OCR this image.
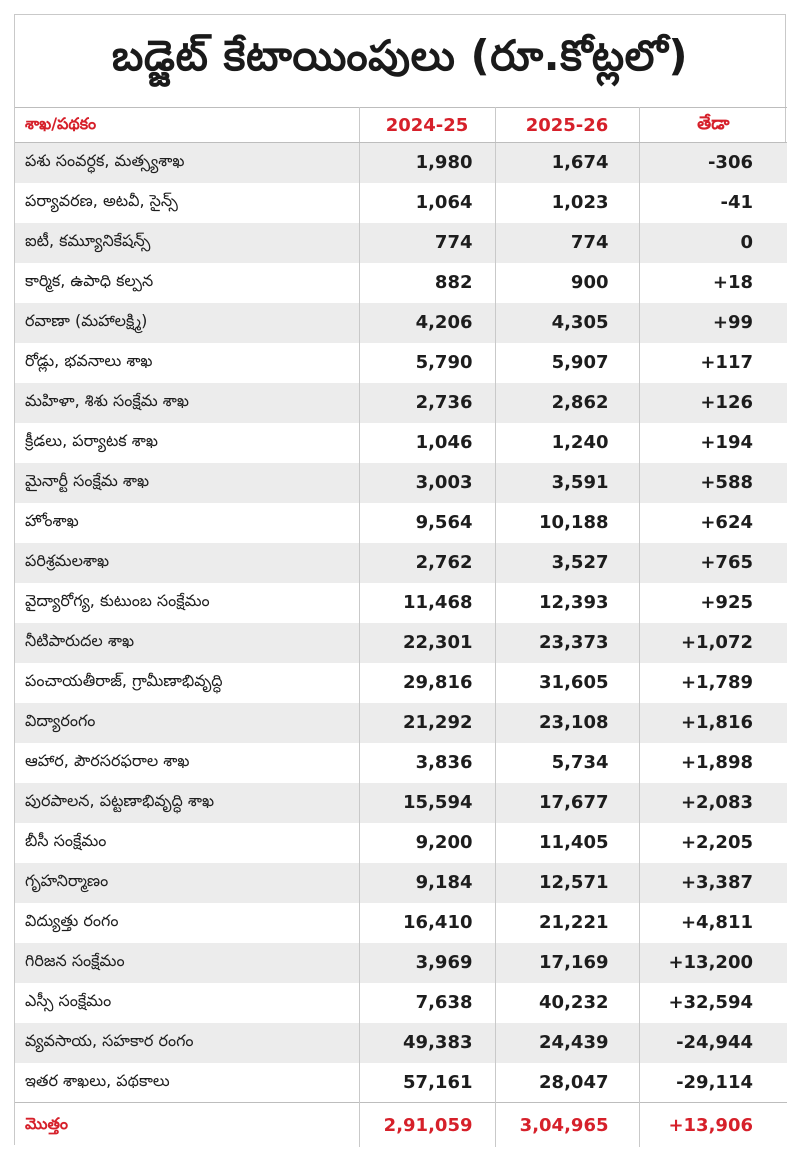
బడ్జెట్ కేటాయింపులు (రూ.కోట్లలో)
శాఖ/పథకం	2024-25	2025-26	తేడా
పశు సంవర్ధక, మత్స్యశాఖ	1,980	1,674	-306
పర్యావరణ, అటవీ, సైన్స్	1,064	1,023	-41
ఐటీ, కమ్యూనికేషన్స్	774	774	0
కార్మిక, ఉపాధి కల్పన	882	900	+18
రవాణా (మహాలక్ష్మి)	4,206	4,305	+99
రోడ్లు, భవనాలు శాఖ	5,790	5,907	+117
మహిళా, శిశు సంక్షేమ శాఖ	2,736	2,862	+126
క్రీడలు, పర్యాటక శాఖ	1,046	1,240	+194
మైనార్టీ సంక్షేమ శాఖ	3,003	3,591	+588
హోంశాఖ	9,564	10,188	+624
పరిశ్రమలశాఖ	2,762	3,527	+765
వైద్యారోగ్య, కుటుంబ సంక్షేమం	11,468	12,393	+925
నీటిపారుదల శాఖ	22,301	23,373	+1,072
పంచాయతీరాజ్, గ్రామీణాభివృద్ధి	29,816	31,605	+1,789
విద్యారంగం	21,292	23,108	+1,816
ఆహార, పౌరసరఫరాల శాఖ	3,836	5,734	+1,898
పురపాలన, పట్టణాభివృద్ధి శాఖ	15,594	17,677	+2,083
బీసీ సంక్షేమం	9,200	11,405	+2,205
గృహనిర్మాణం	9,184	12,571	+3,387
విద్యుత్తు రంగం	16,410	21,221	+4,811
గిరిజన సంక్షేమం	3,969	17,169	+13,200
ఎస్సీ సంక్షేమం	7,638	40,232	+32,594
వ్యవసాయ, సహకార రంగం	49,383	24,439	-24,944
ఇతర శాఖలు, పథకాలు	57,161	28,047	-29,114
మొత్తం	2,91,059	3,04,965	+13,906
